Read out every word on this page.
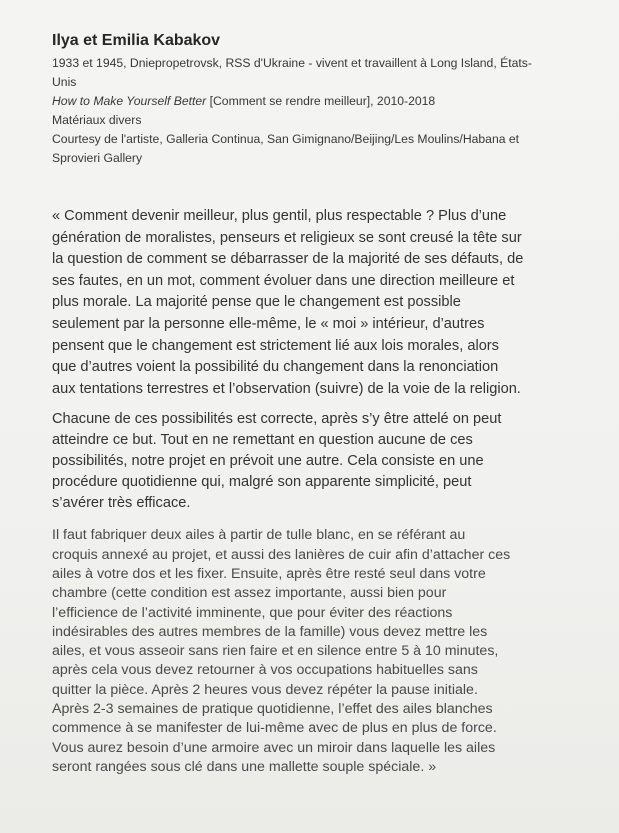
Ilya et Emilia Kabakov
1933 et 1945, Dniepropetrovsk, RSS d'Ukraine - vivent et travaillent à Long Island, États-
Unis
How to Make Yourself Better [Comment se rendre meilleur], 2010-2018
Matériaux divers
Courtesy de l'artiste, Galleria Continua, San Gimignano/Beijing/Les Moulins/Habana et
Sprovieri Gallery
« Comment devenir meilleur, plus gentil, plus respectable ? Plus d’une
génération de moralistes, penseurs et religieux se sont creusé la tête sur
la question de comment se débarrasser de la majorité de ses défauts, de
ses fautes, en un mot, comment évoluer dans une direction meilleure et
plus morale. La majorité pense que le changement est possible
seulement par la personne elle-même, le « moi » intérieur, d’autres
pensent que le changement est strictement lié aux lois morales, alors
que d’autres voient la possibilité du changement dans la renonciation
aux tentations terrestres et l’observation (suivre) de la voie de la religion.
Chacune de ces possibilités est correcte, après s’y être attelé on peut
atteindre ce but. Tout en ne remettant en question aucune de ces
possibilités, notre projet en prévoit une autre. Cela consiste en une
procédure quotidienne qui, malgré son apparente simplicité, peut
s’avérer très efficace.
Il faut fabriquer deux ailes à partir de tulle blanc, en se référant au
croquis annexé au projet, et aussi des lanières de cuir afin d’attacher ces
ailes à votre dos et les fixer. Ensuite, après être resté seul dans votre
chambre (cette condition est assez importante, aussi bien pour
l’efficience de l’activité imminente, que pour éviter des réactions
indésirables des autres membres de la famille) vous devez mettre les
ailes, et vous asseoir sans rien faire et en silence entre 5 à 10 minutes,
après cela vous devez retourner à vos occupations habituelles sans
quitter la pièce. Après 2 heures vous devez répéter la pause initiale.
Après 2-3 semaines de pratique quotidienne, l’effet des ailes blanches
commence à se manifester de lui-même avec de plus en plus de force.
Vous aurez besoin d’une armoire avec un miroir dans laquelle les ailes
seront rangées sous clé dans une mallette souple spéciale. »
